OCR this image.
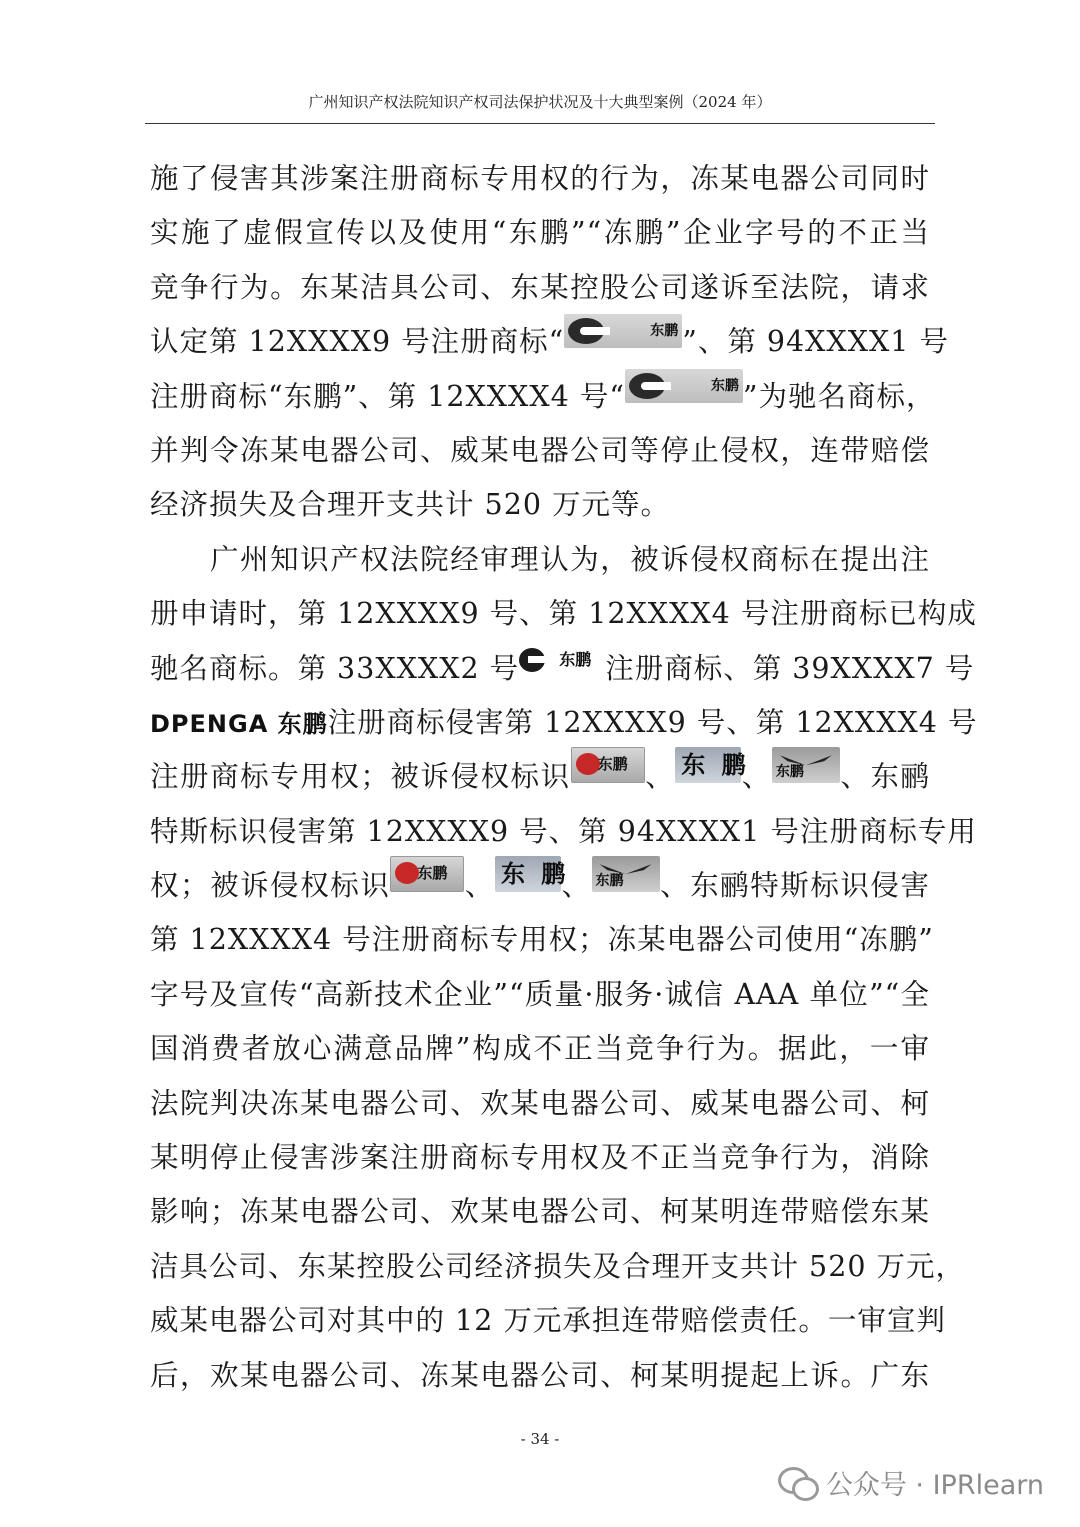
广州知识产权法院知识产权司法保护状况及十大典型案例（2024 年）
施了侵害其涉案注册商标专用权的行为，冻某电器公司同时
实施了虚假宣传以及使用“东鹏”“冻鹏”企业字号的不正当
竞争行为。东某洁具公司、东某控股公司遂诉至法院，请求
认定第 12XXXX9 号注册商标“	东鹏 ”、第 94XXXX1 号
注册商标“东鹏”、第 12XXXX4 号“	东鹏 ”为驰名商标，
并判令冻某电器公司、威某电器公司等停止侵权，连带赔偿
经济损失及合理开支共计 520 万元等。
　　广州知识产权法院经审理认为，被诉侵权商标在提出注
册申请时，第 12XXXX9 号、第 12XXXX4 号注册商标已构成
驰名商标。第 33XXXX2 号	东鹏 注册商标、第 39XXXX7 号
DPENGA 东鹏注册商标侵害第 12XXXX9 号、第 12XXXX4 号
注册商标专用权；被诉侵权标识 东鹏 、 东 鹏
、 东鹏 、东鹂
特斯标识侵害第 12XXXX9 号、第 94XXXX1 号注册商标专用
权；被诉侵权标识 东鹏 、 东 鹏
、 东鹏 、东鹂特斯标识侵害
第 12XXXX4 号注册商标专用权；冻某电器公司使用“冻鹏”
字号及宣传“高新技术企业”“质量·服务·诚信 AAA 单位”“全
国消费者放心满意品牌”构成不正当竞争行为。据此，一审
法院判决冻某电器公司、欢某电器公司、威某电器公司、柯
某明停止侵害涉案注册商标专用权及不正当竞争行为，消除
影响；冻某电器公司、欢某电器公司、柯某明连带赔偿东某
洁具公司、东某控股公司经济损失及合理开支共计 520 万元，
威某电器公司对其中的 12 万元承担连带赔偿责任。一审宣判
后，欢某电器公司、冻某电器公司、柯某明提起上诉。广东
- 34 -
公众号 · IPRlearn
